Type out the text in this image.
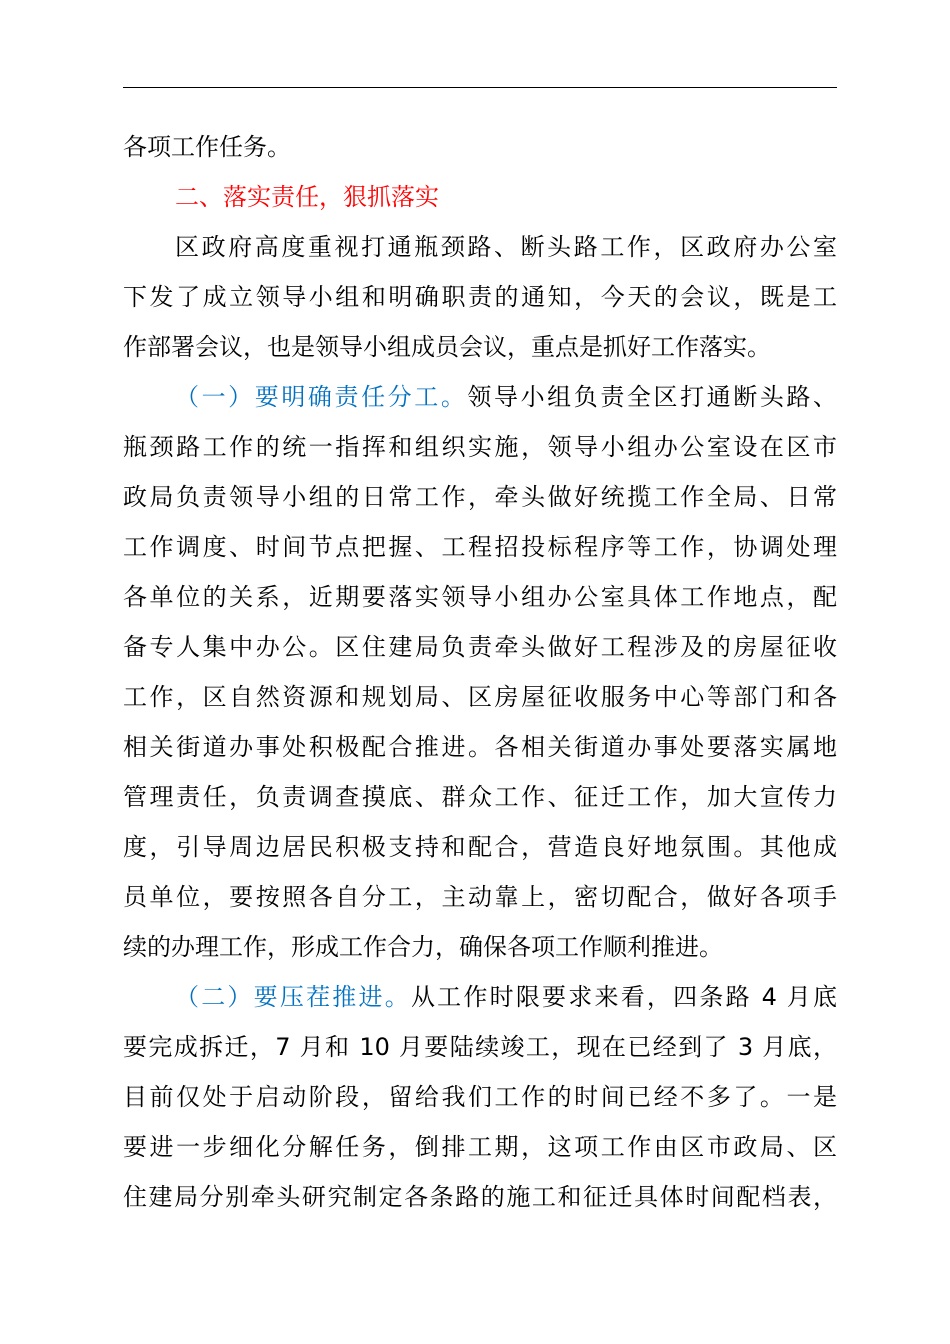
各项工作任务。
二、落实责任，狠抓落实
区政府高度重视打通瓶颈路、断头路工作，区政府办公室
下发了成立领导小组和明确职责的通知，今天的会议，既是工
作部署会议，也是领导小组成员会议，重点是抓好工作落实。
（一）要明确责任分工。领导小组负责全区打通断头路、
瓶颈路工作的统一指挥和组织实施，领导小组办公室设在区市
政局负责领导小组的日常工作，牵头做好统揽工作全局、日常
工作调度、时间节点把握、工程招投标程序等工作，协调处理
各单位的关系，近期要落实领导小组办公室具体工作地点，配
备专人集中办公。区住建局负责牵头做好工程涉及的房屋征收
工作，区自然资源和规划局、区房屋征收服务中心等部门和各
相关街道办事处积极配合推进。各相关街道办事处要落实属地
管理责任，负责调查摸底、群众工作、征迁工作，加大宣传力
度，引导周边居民积极支持和配合，营造良好地氛围。其他成
员单位，要按照各自分工，主动靠上，密切配合，做好各项手
续的办理工作，形成工作合力，确保各项工作顺利推进。
（二）要压茬推进。从工作时限要求来看，四条路 4 月底
要完成拆迁，7 月和 10 月要陆续竣工，现在已经到了 3 月底，
目前仅处于启动阶段，留给我们工作的时间已经不多了。一是
要进一步细化分解任务，倒排工期，这项工作由区市政局、区
住建局分别牵头研究制定各条路的施工和征迁具体时间配档表，
